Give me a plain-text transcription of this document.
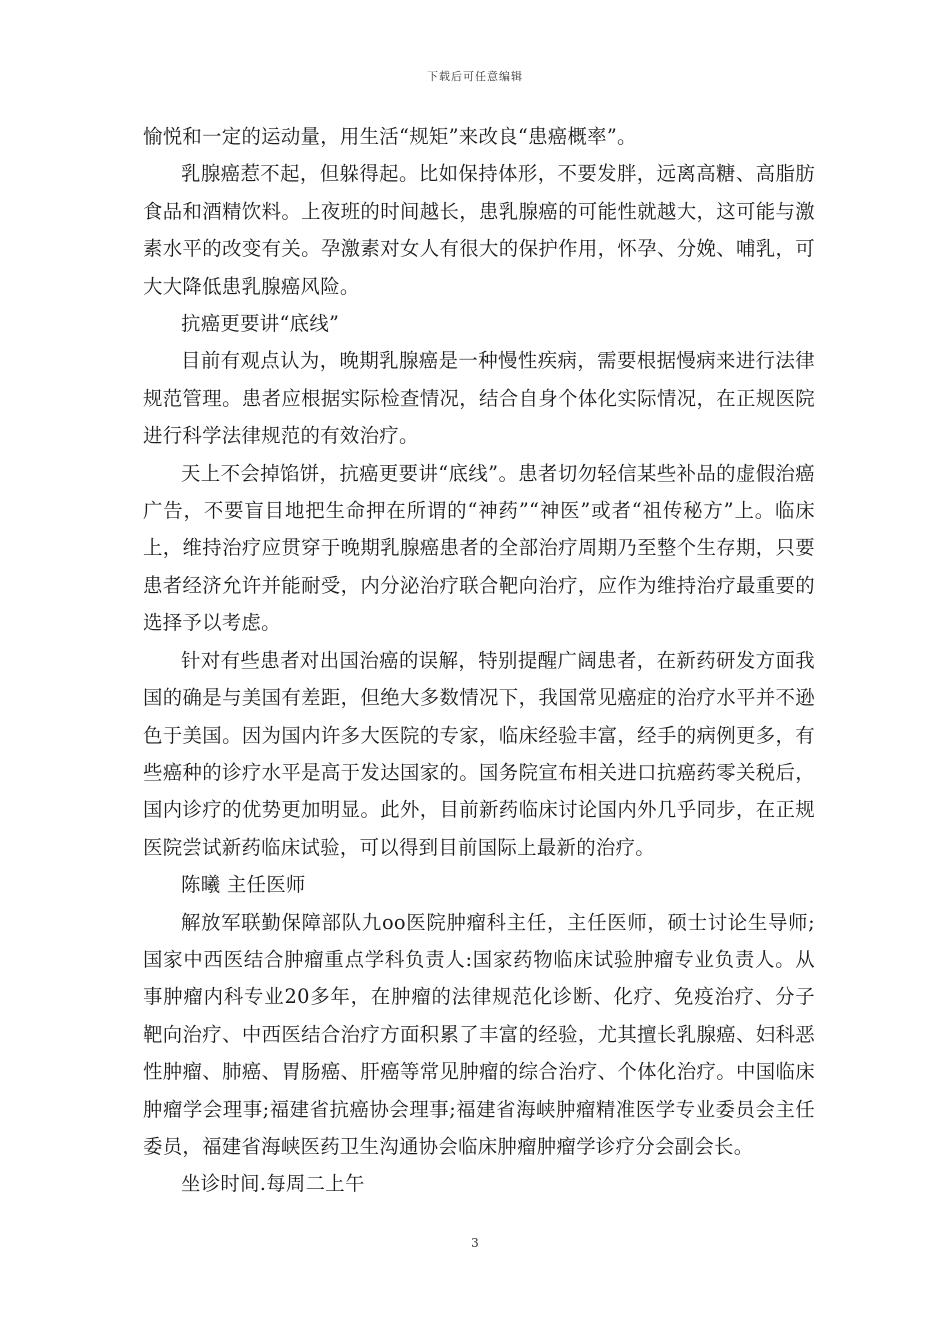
下载后可任意编辑

愉悦和一定的运动量，用生活“规矩”来改良“患癌概率”。

乳腺癌惹不起，但躲得起。比如保持体形，不要发胖，远离高糖、高脂肪食品和酒精饮料。上夜班的时间越长，患乳腺癌的可能性就越大，这可能与激素水平的改变有关。孕激素对女人有很大的保护作用，怀孕、分娩、哺乳，可大大降低患乳腺癌风险。

抗癌更要讲“底线”

目前有观点认为，晚期乳腺癌是一种慢性疾病，需要根据慢病来进行法律规范管理。患者应根据实际检查情况，结合自身个体化实际情况，在正规医院进行科学法律规范的有效治疗。

天上不会掉馅饼，抗癌更要讲“底线”。患者切勿轻信某些补品的虚假治癌广告，不要盲目地把生命押在所谓的“神药”“神医”或者“祖传秘方”上。临床上，维持治疗应贯穿于晚期乳腺癌患者的全部治疗周期乃至整个生存期，只要患者经济允许并能耐受，内分泌治疗联合靶向治疗，应作为维持治疗最重要的选择予以考虑。

针对有些患者对出国治癌的误解，特别提醒广阔患者，在新药研发方面我国的确是与美国有差距，但绝大多数情况下，我国常见癌症的治疗水平并不逊色于美国。因为国内许多大医院的专家，临床经验丰富，经手的病例更多，有些癌种的诊疗水平是高于发达国家的。国务院宣布相关进口抗癌药零关税后，国内诊疗的优势更加明显。此外，目前新药临床讨论国内外几乎同步，在正规医院尝试新药临床试验，可以得到目前国际上最新的治疗。

陈曦 主任医师

解放军联勤保障部队九oo医院肿瘤科主任，主任医师，硕士讨论生导师;国家中西医结合肿瘤重点学科负责人:国家药物临床试验肿瘤专业负责人。从事肿瘤内科专业20多年，在肿瘤的法律规范化诊断、化疗、免疫治疗、分子靶向治疗、中西医结合治疗方面积累了丰富的经验，尤其擅长乳腺癌、妇科恶性肿瘤、肺癌、胃肠癌、肝癌等常见肿瘤的综合治疗、个体化治疗。中国临床肿瘤学会理事;福建省抗癌协会理事;福建省海峡肿瘤精准医学专业委员会主任委员，福建省海峡医药卫生沟通协会临床肿瘤肿瘤学诊疗分会副会长。

坐诊时间.每周二上午

3
